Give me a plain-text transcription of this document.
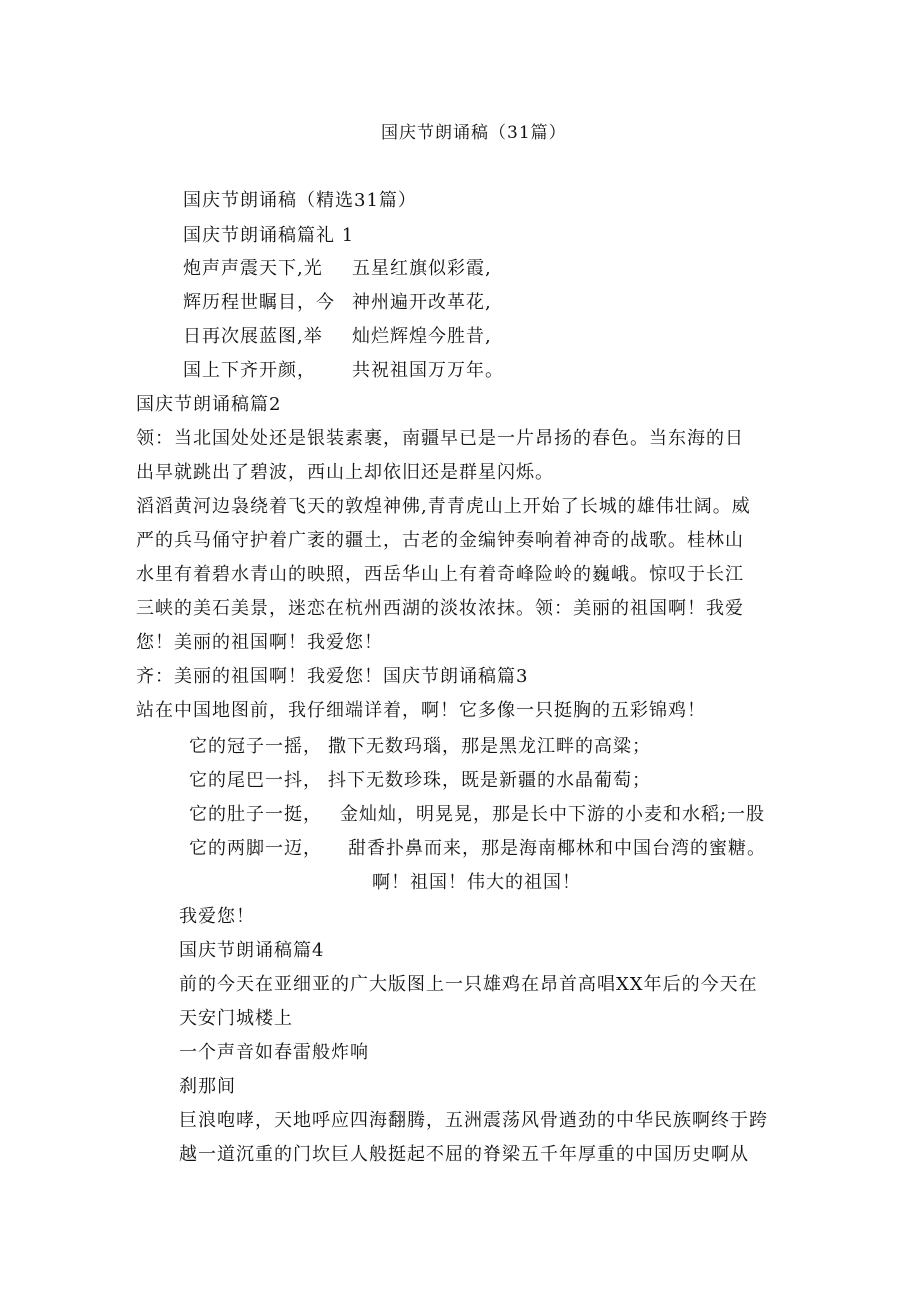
国庆节朗诵稿（31篇）
国庆节朗诵稿（精选31篇）
国庆节朗诵稿篇礼 1
炮声声震天下,光
辉历程世瞩目，今
日再次展蓝图,举
国上下齐开颜，
五星红旗似彩霞,
神州遍开改革花,
灿烂辉煌今胜昔,
共祝祖国万万年。
国庆节朗诵稿篇2
领：当北国处处还是银装素裹，南疆早已是一片昂扬的春色。当东海的日
出早就跳出了碧波，西山上却依旧还是群星闪烁。
滔滔黄河边袅绕着飞天的敦煌神佛,青青虎山上开始了长城的雄伟壮阔。威
严的兵马俑守护着广袤的疆土，古老的金编钟奏响着神奇的战歌。桂林山
水里有着碧水青山的映照，西岳华山上有着奇峰险岭的巍峨。惊叹于长江
三峡的美石美景，迷恋在杭州西湖的淡妆浓抹。领：美丽的祖国啊！我爱
您！美丽的祖国啊！我爱您！
齐：美丽的祖国啊！我爱您！国庆节朗诵稿篇3
站在中国地图前，我仔细端详着，啊！它多像一只挺胸的五彩锦鸡！
它的冠子一摇，
它的尾巴一抖，
它的肚子一挺，
它的两脚一迈，
撒下无数玛瑙，那是黑龙江畔的高粱；
抖下无数珍珠，既是新疆的水晶葡萄；
金灿灿，明晃晃，那是长中下游的小麦和水稻;一股
甜香扑鼻而来，那是海南椰林和中国台湾的蜜糖。
啊！祖国！伟大的祖国！
我爱您！
国庆节朗诵稿篇4
前的今天在亚细亚的广大版图上一只雄鸡在昂首高唱XX年后的今天在
天安门城楼上
一个声音如春雷般炸响
刹那间
巨浪咆哮，天地呼应四海翻腾，五洲震荡风骨遒劲的中华民族啊终于跨
越一道沉重的门坎巨人般挺起不屈的脊梁五千年厚重的中国历史啊从
